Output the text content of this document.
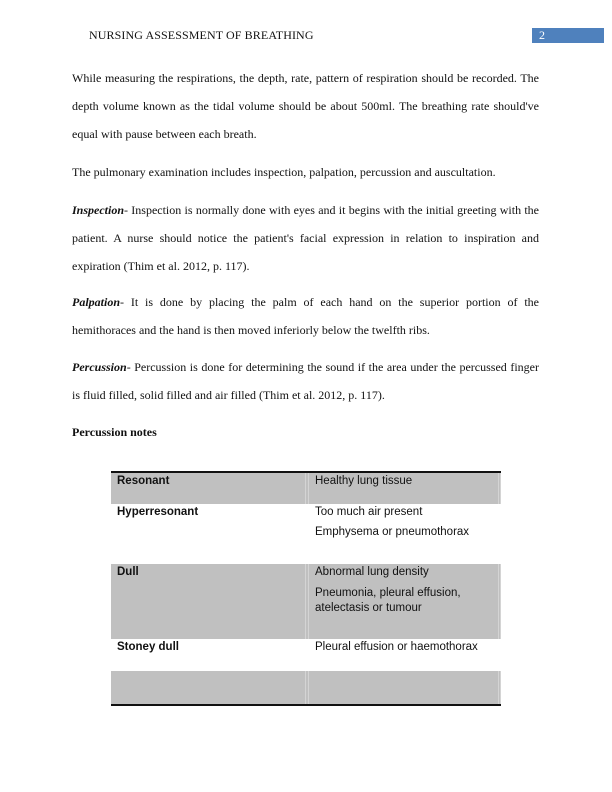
NURSING ASSESSMENT OF BREATHING	2
While measuring the respirations, the depth, rate, pattern of respiration should be recorded. The depth volume known as the tidal volume should be about 500ml. The breathing rate should've equal with pause between each breath.
The pulmonary examination includes inspection, palpation, percussion and auscultation.
Inspection- Inspection is normally done with eyes and it begins with the initial greeting with the patient. A nurse should notice the patient's facial expression in relation to inspiration and expiration (Thim et al. 2012, p. 117).
Palpation- It is done by placing the palm of each hand on the superior portion of the hemithoraces and the hand is then moved inferiorly below the twelfth ribs.
Percussion- Percussion is done for determining the sound if the area under the percussed finger is fluid filled, solid filled and air filled (Thim et al. 2012, p. 117).
Percussion notes
Resonant	Healthy lung tissue
Hyperresonant	Too much air present
Emphysema or pneumothorax
Dull	Abnormal lung density
Pneumonia, pleural effusion, atelectasis or tumour
Stoney dull	Pleural effusion or haemothorax
